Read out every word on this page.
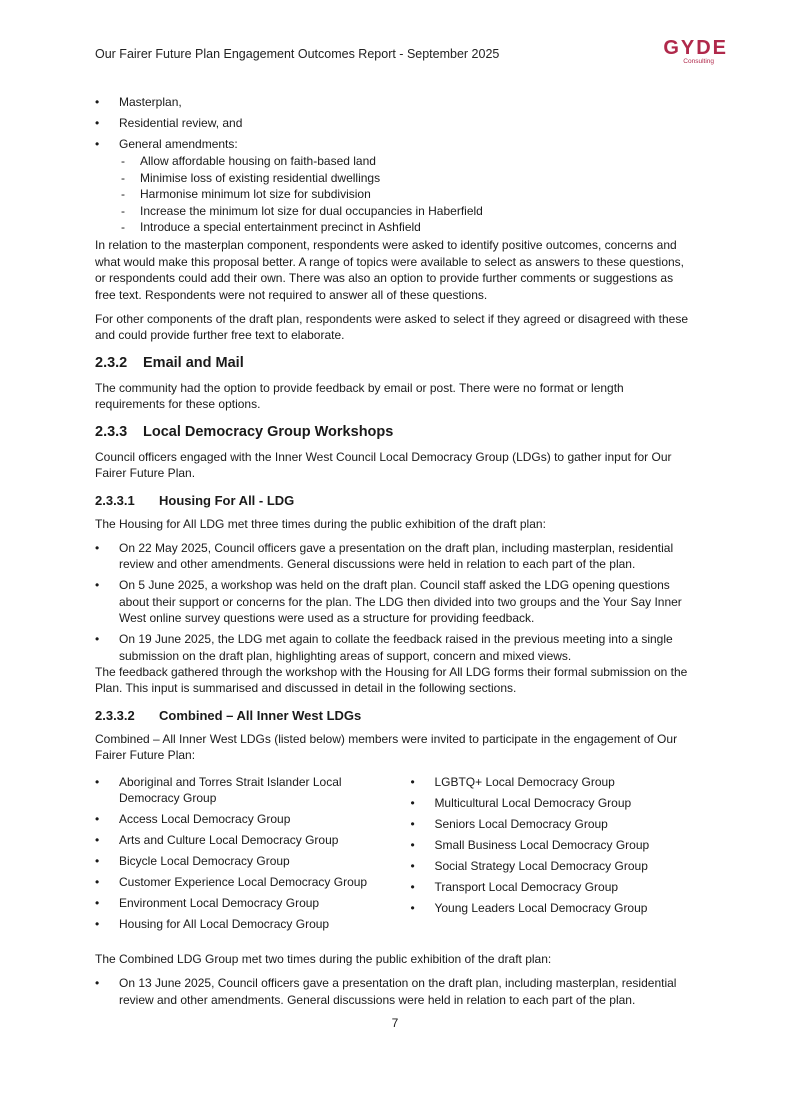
Our Fairer Future Plan Engagement Outcomes Report - September 2025	GYDE
Consulting
• Masterplan,
• Residential review, and
• General amendments:
- Allow affordable housing on faith-based land
- Minimise loss of existing residential dwellings
- Harmonise minimum lot size for subdivision
- Increase the minimum lot size for dual occupancies in Haberfield
- Introduce a special entertainment precinct in Ashfield

In relation to the masterplan component, respondents were asked to identify positive outcomes, concerns and what would make this proposal better. A range of topics were available to select as answers to these questions, or respondents could add their own. There was also an option to provide further comments or suggestions as free text. Respondents were not required to answer all of these questions.

For other components of the draft plan, respondents were asked to select if they agreed or disagreed with these and could provide further free text to elaborate.

2.3.2 Email and Mail

The community had the option to provide feedback by email or post. There were no format or length requirements for these options.

2.3.3 Local Democracy Group Workshops

Council officers engaged with the Inner West Council Local Democracy Group (LDGs) to gather input for Our Fairer Future Plan.

2.3.3.1 Housing For All - LDG

The Housing for All LDG met three times during the public exhibition of the draft plan:

• On 22 May 2025, Council officers gave a presentation on the draft plan, including masterplan, residential review and other amendments. General discussions were held in relation to each part of the plan.
• On 5 June 2025, a workshop was held on the draft plan. Council staff asked the LDG opening questions about their support or concerns for the plan. The LDG then divided into two groups and the Your Say Inner West online survey questions were used as a structure for providing feedback.
• On 19 June 2025, the LDG met again to collate the feedback raised in the previous meeting into a single submission on the draft plan, highlighting areas of support, concern and mixed views.

The feedback gathered through the workshop with the Housing for All LDG forms their formal submission on the Plan. This input is summarised and discussed in detail in the following sections.

2.3.3.2 Combined – All Inner West LDGs

Combined – All Inner West LDGs (listed below) members were invited to participate in the engagement of Our Fairer Future Plan:

• Aboriginal and Torres Strait Islander Local Democracy Group
• Access Local Democracy Group
• Arts and Culture Local Democracy Group
• Bicycle Local Democracy Group
• Customer Experience Local Democracy Group
• Environment Local Democracy Group
• Housing for All Local Democracy Group
• LGBTQ+ Local Democracy Group
• Multicultural Local Democracy Group
• Seniors Local Democracy Group
• Small Business Local Democracy Group
• Social Strategy Local Democracy Group
• Transport Local Democracy Group
• Young Leaders Local Democracy Group

The Combined LDG Group met two times during the public exhibition of the draft plan:

• On 13 June 2025, Council officers gave a presentation on the draft plan, including masterplan, residential review and other amendments. General discussions were held in relation to each part of the plan.
7
